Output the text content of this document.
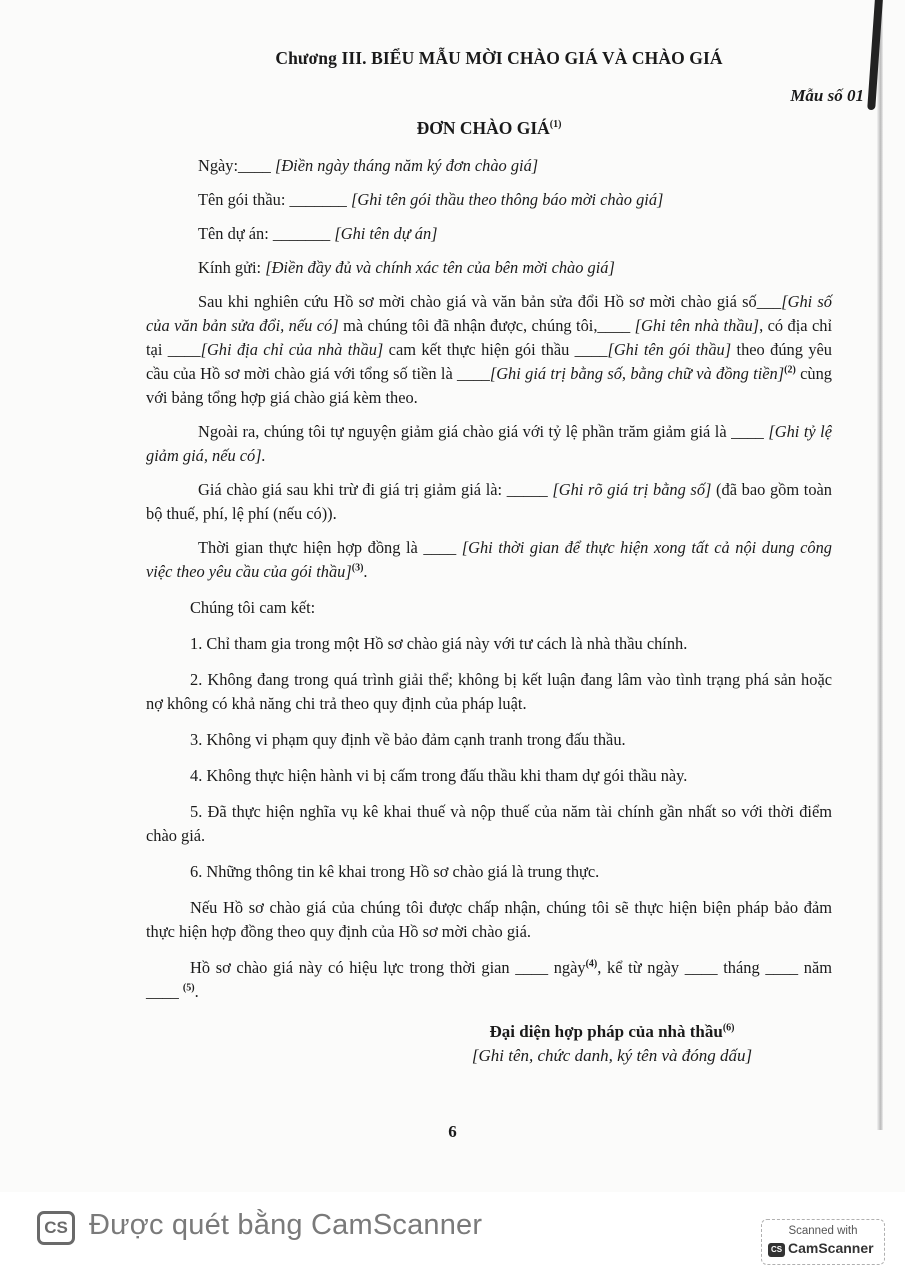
Chương III. BIỂU MẪU MỜI CHÀO GIÁ VÀ CHÀO GIÁ
Mẫu số 01
ĐƠN CHÀO GIÁ$^{(1)}$
Ngày:____ [Điền ngày tháng năm ký đơn chào giá]
Tên gói thầu: _______ [Ghi tên gói thầu theo thông báo mời chào giá]
Tên dự án: _______ [Ghi tên dự án]
Kính gửi: [Điền đầy đủ và chính xác tên của bên mời chào giá]
Sau khi nghiên cứu Hồ sơ mời chào giá và văn bản sửa đổi Hồ sơ mời chào giá số___[Ghi số của văn bản sửa đổi, nếu có] mà chúng tôi đã nhận được, chúng tôi,____ [Ghi tên nhà thầu], có địa chỉ tại ____[Ghi địa chỉ của nhà thầu] cam kết thực hiện gói thầu ____[Ghi tên gói thầu] theo đúng yêu cầu của Hồ sơ mời chào giá với tổng số tiền là ____[Ghi giá trị bằng số, bằng chữ và đồng tiền]$^{(2)}$ cùng với bảng tổng hợp giá chào giá kèm theo.
Ngoài ra, chúng tôi tự nguyện giảm giá chào giá với tỷ lệ phần trăm giảm giá là ____ [Ghi tỷ lệ giảm giá, nếu có].
Giá chào giá sau khi trừ đi giá trị giảm giá là: _____ [Ghi rõ giá trị bằng số] (đã bao gồm toàn bộ thuế, phí, lệ phí (nếu có)).
Thời gian thực hiện hợp đồng là ____ [Ghi thời gian để thực hiện xong tất cả nội dung công việc theo yêu cầu của gói thầu]$^{(3)}$.
Chúng tôi cam kết:
1. Chỉ tham gia trong một Hồ sơ chào giá này với tư cách là nhà thầu chính.
2. Không đang trong quá trình giải thể; không bị kết luận đang lâm vào tình trạng phá sản hoặc nợ không có khả năng chi trả theo quy định của pháp luật.
3. Không vi phạm quy định về bảo đảm cạnh tranh trong đấu thầu.
4. Không thực hiện hành vi bị cấm trong đấu thầu khi tham dự gói thầu này.
5. Đã thực hiện nghĩa vụ kê khai thuế và nộp thuế của năm tài chính gần nhất so với thời điểm chào giá.
6. Những thông tin kê khai trong Hồ sơ chào giá là trung thực.
Nếu Hồ sơ chào giá của chúng tôi được chấp nhận, chúng tôi sẽ thực hiện biện pháp bảo đảm thực hiện hợp đồng theo quy định của Hồ sơ mời chào giá.
Hồ sơ chào giá này có hiệu lực trong thời gian ____ ngày$^{(4)}$, kể từ ngày ____ tháng ____ năm ____ $^{(5)}$.
Đại diện hợp pháp của nhà thầu$^{(6)}$
[Ghi tên, chức danh, ký tên và đóng dấu]
6
CS Được quét bằng CamScanner	Scanned with
CS CamScanner
